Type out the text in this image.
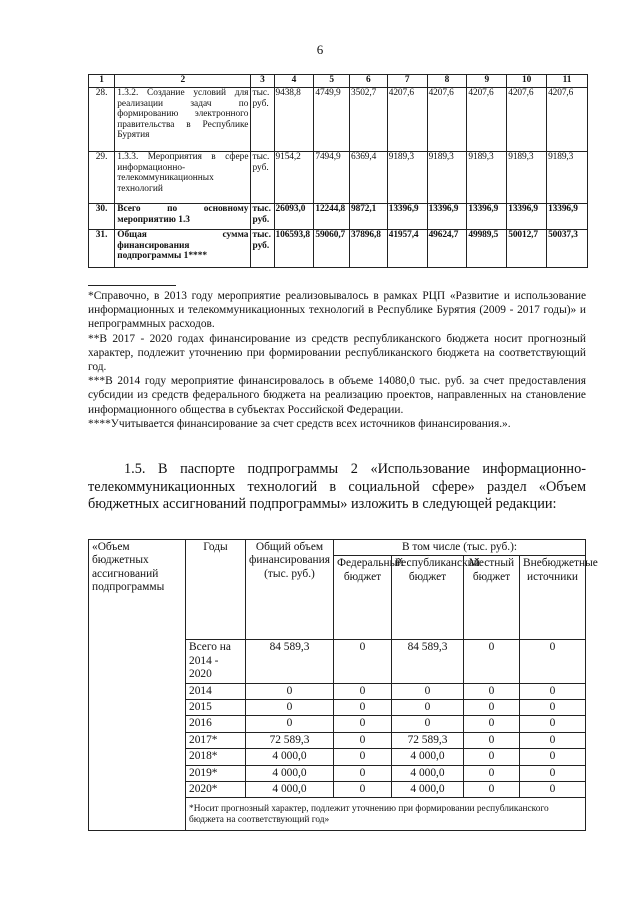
6
1	2	3	4	5	6	7	8	9	10	11
28.	1.3.2. Создание условий для реализации задач по формированию электронного правительства в Республике Бурятия	тыс. руб.	9438,8	4749,9	3502,7	4207,6	4207,6	4207,6	4207,6	4207,6
29.	1.3.3. Мероприятия в сфере информационно-телекоммуникационных технологий	тыс. руб.	9154,2	7494,9	6369,4	9189,3	9189,3	9189,3	9189,3	9189,3
30.	Всего по основному мероприятию 1.3	тыс. руб.	26093,0	12244,8	9872,1	13396,9	13396,9	13396,9	13396,9	13396,9
31.	Общая сумма финансирования подпрограммы 1****	тыс. руб.	106593,8	59060,7	37896,8	41957,4	49624,7	49989,5	50012,7	50037,3

*Справочно, в 2013 году мероприятие реализовывалось в рамках РЦП «Развитие и использование информационных и телекоммуникационных технологий в Республике Бурятия (2009 - 2017 годы)» и непрограммных расходов.

**В 2017 - 2020 годах финансирование из средств республиканского бюджета носит прогнозный характер, подлежит уточнению при формировании республиканского бюджета на соответствующий год.

***В 2014 году мероприятие финансировалось в объеме 14080,0 тыс. руб. за счет предоставления субсидии из средств федерального бюджета на реализацию проектов, направленных на становление информационного общества в субъектах Российской Федерации.

****Учитывается финансирование за счет средств всех источников финансирования.».

1.5. В паспорте подпрограммы 2 «Использование информационно-телекоммуникационных технологий в социальной сфере» раздел «Объем бюджетных ассигнований подпрограммы» изложить в следующей редакции:

«Объем бюджетных ассигнований подпрограммы	Годы	Общий объем финансирования (тыс. руб.)	В том числе (тыс. руб.):			
			Федеральный бюджет	Республиканский бюджет	Местный бюджет	Внебюджетные источники
	Всего на 2014 - 2020	84 589,3	0	84 589,3	0	0
	2014	0	0	0	0	0
	2015	0	0	0	0	0
	2016	0	0	0	0	0
	2017*	72 589,3	0	72 589,3	0	0
	2018*	4 000,0	0	4 000,0	0	0
	2019*	4 000,0	0	4 000,0	0	0
	2020*	4 000,0	0	4 000,0	0	0
	*Носит прогнозный характер, подлежит уточнению при формировании республиканского бюджета на соответствующий год»					
